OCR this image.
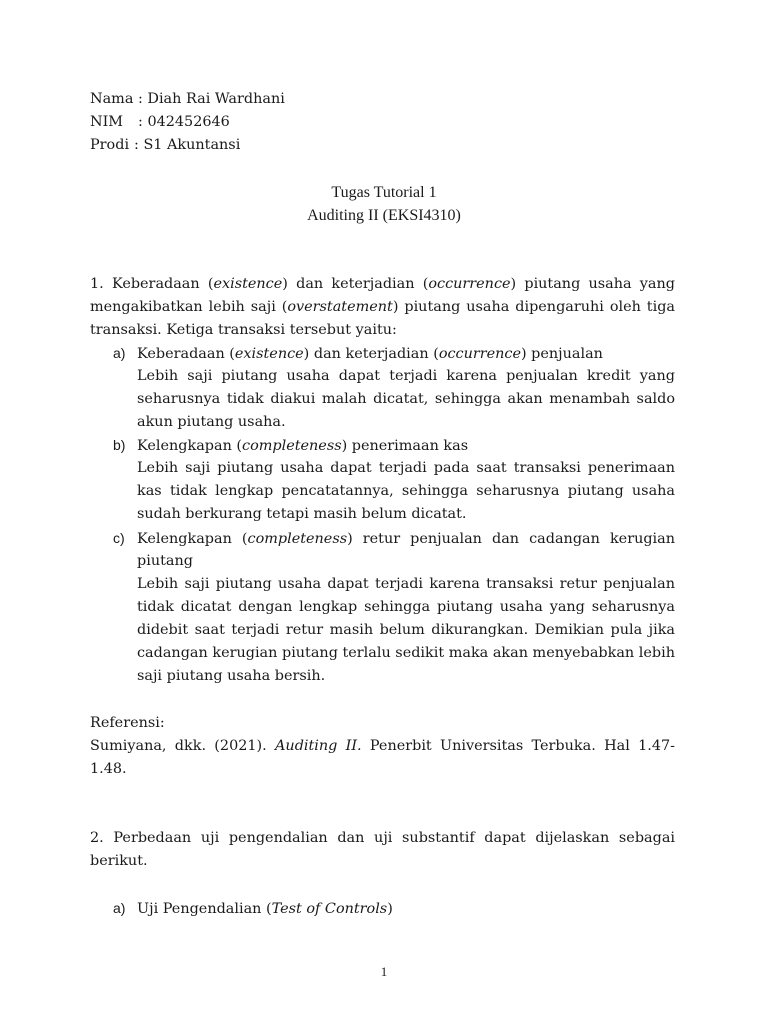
Nama : Diah Rai Wardhani
NIM : 042452646
Prodi : S1 Akuntansi
Tugas Tutorial 1
Auditing II (EKSI4310)
1. Keberadaan (existence) dan keterjadian (occurrence) piutang usaha yang
mengakibatkan lebih saji (overstatement) piutang usaha dipengaruhi oleh tiga
transaksi. Ketiga transaksi tersebut yaitu:
a) Keberadaan (existence) dan keterjadian (occurrence) penjualan
Lebih saji piutang usaha dapat terjadi karena penjualan kredit yang
seharusnya tidak diakui malah dicatat, sehingga akan menambah saldo
akun piutang usaha.
b) Kelengkapan (completeness) penerimaan kas
Lebih saji piutang usaha dapat terjadi pada saat transaksi penerimaan
kas tidak lengkap pencatatannya, sehingga seharusnya piutang usaha
sudah berkurang tetapi masih belum dicatat.
c) Kelengkapan (completeness) retur penjualan dan cadangan kerugian
piutang
Lebih saji piutang usaha dapat terjadi karena transaksi retur penjualan
tidak dicatat dengan lengkap sehingga piutang usaha yang seharusnya
didebit saat terjadi retur masih belum dikurangkan. Demikian pula jika
cadangan kerugian piutang terlalu sedikit maka akan menyebabkan lebih
saji piutang usaha bersih.
Referensi:
Sumiyana, dkk. (2021). Auditing II. Penerbit Universitas Terbuka. Hal 1.47-
1.48.
2. Perbedaan uji pengendalian dan uji substantif dapat dijelaskan sebagai
berikut.
a) Uji Pengendalian (Test of Controls)
1
